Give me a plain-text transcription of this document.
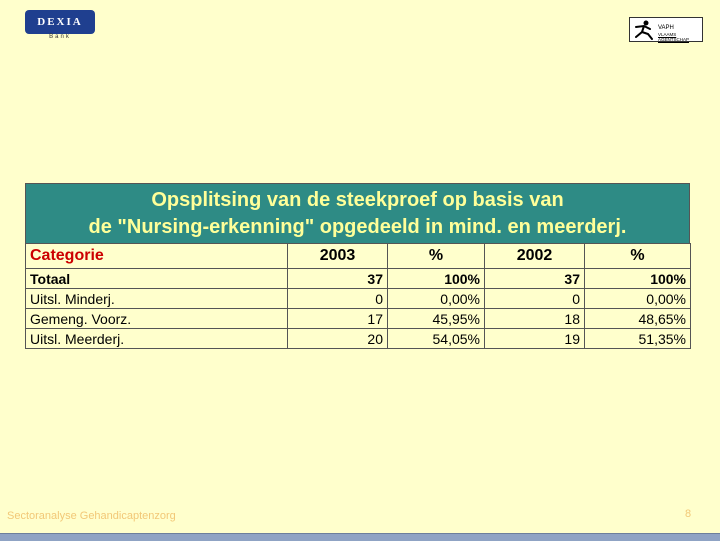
DEXIA
Bank
VAPH
VLAAMS AGENTSCHAP
Opsplitsing van de steekproef op basis van
de "Nursing-erkenning" opgedeeld in mind. en meerderj.
Categorie	2003	%	2002	%
Totaal	37	100%	37	100%
Uitsl. Minderj.	0	0,00%	0	0,00%
Gemeng. Voorz.	17	45,95%	18	48,65%
Uitsl. Meerderj.	20	54,05%	19	51,35%
Sectoranalyse Gehandicaptenzorg	8
